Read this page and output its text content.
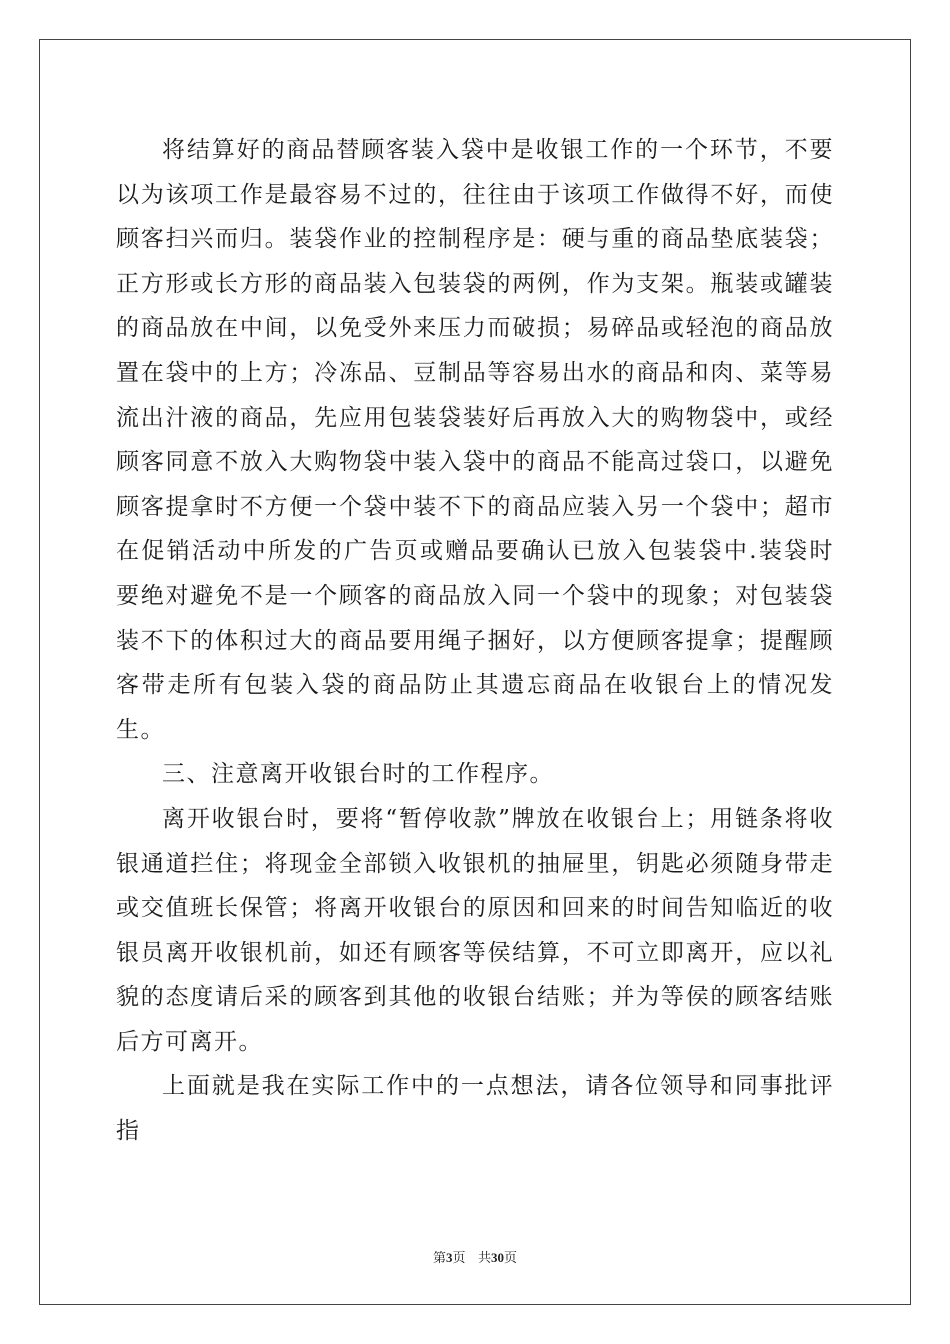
将结算好的商品替顾客装入袋中是收银工作的一个环节，不要以为该项工作是最容易不过的，往往由于该项工作做得不好，而使顾客扫兴而归。装袋作业的控制程序是：硬与重的商品垫底装袋；正方形或长方形的商品装入包装袋的两例，作为支架。瓶装或罐装的商品放在中间，以免受外来压力而破损；易碎品或轻泡的商品放置在袋中的上方；冷冻品、豆制品等容易出水的商品和肉、菜等易流出汁液的商品，先应用包装袋装好后再放入大的购物袋中，或经顾客同意不放入大购物袋中装入袋中的商品不能高过袋口，以避免顾客提拿时不方便一个袋中装不下的商品应装入另一个袋中；超市在促销活动中所发的广告页或赠品要确认已放入包装袋中.装袋时要绝对避免不是一个顾客的商品放入同一个袋中的现象；对包装袋装不下的体积过大的商品要用绳子捆好，以方便顾客提拿；提醒顾客带走所有包装入袋的商品防止其遗忘商品在收银台上的情况发生。

三、注意离开收银台时的工作程序。

离开收银台时，要将“暂停收款”牌放在收银台上；用链条将收银通道拦住；将现金全部锁入收银机的抽屉里，钥匙必须随身带走或交值班长保管；将离开收银台的原因和回来的时间告知临近的收银员离开收银机前，如还有顾客等侯结算，不可立即离开，应以礼貌的态度请后采的顾客到其他的收银台结账；并为等侯的顾客结账后方可离开。

上面就是我在实际工作中的一点想法，请各位领导和同事批评指

第3页 共30页
